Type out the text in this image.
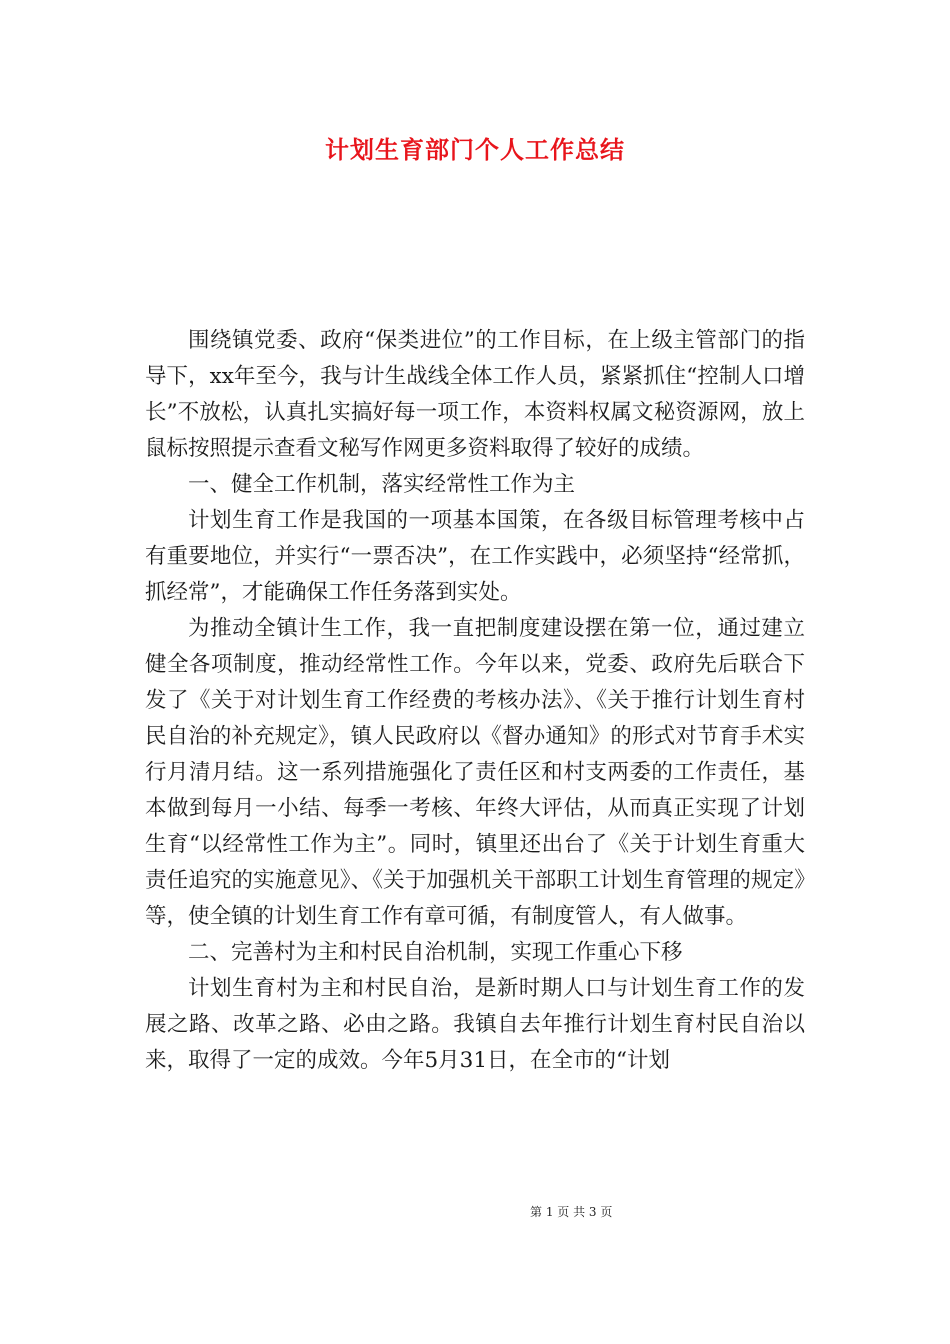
计划生育部门个人工作总结

围绕镇党委、政府“保类进位”的工作目标，在上级主管部门的指导下，xx年至今，我与计生战线全体工作人员，紧紧抓住“控制人口增长”不放松，认真扎实搞好每一项工作，本资料权属文秘资源网，放上鼠标按照提示查看文秘写作网更多资料取得了较好的成绩。

一、健全工作机制，落实经常性工作为主

计划生育工作是我国的一项基本国策，在各级目标管理考核中占有重要地位，并实行“一票否决”，在工作实践中，必须坚持“经常抓，抓经常”，才能确保工作任务落到实处。

为推动全镇计生工作，我一直把制度建设摆在第一位，通过建立健全各项制度，推动经常性工作。今年以来，党委、政府先后联合下发了《关于对计划生育工作经费的考核办法》、《关于推行计划生育村民自治的补充规定》，镇人民政府以《督办通知》的形式对节育手术实行月清月结。这一系列措施强化了责任区和村支两委的工作责任，基本做到每月一小结、每季一考核、年终大评估，从而真正实现了计划生育“以经常性工作为主”。同时，镇里还出台了《关于计划生育重大责任追究的实施意见》、《关于加强机关干部职工计划生育管理的规定》等，使全镇的计划生育工作有章可循，有制度管人，有人做事。

二、完善村为主和村民自治机制，实现工作重心下移

计划生育村为主和村民自治，是新时期人口与计划生育工作的发展之路、改革之路、必由之路。我镇自去年推行计划生育村民自治以来，取得了一定的成效。今年5月31日，在全市的“计划

第 1 页 共 3 页
